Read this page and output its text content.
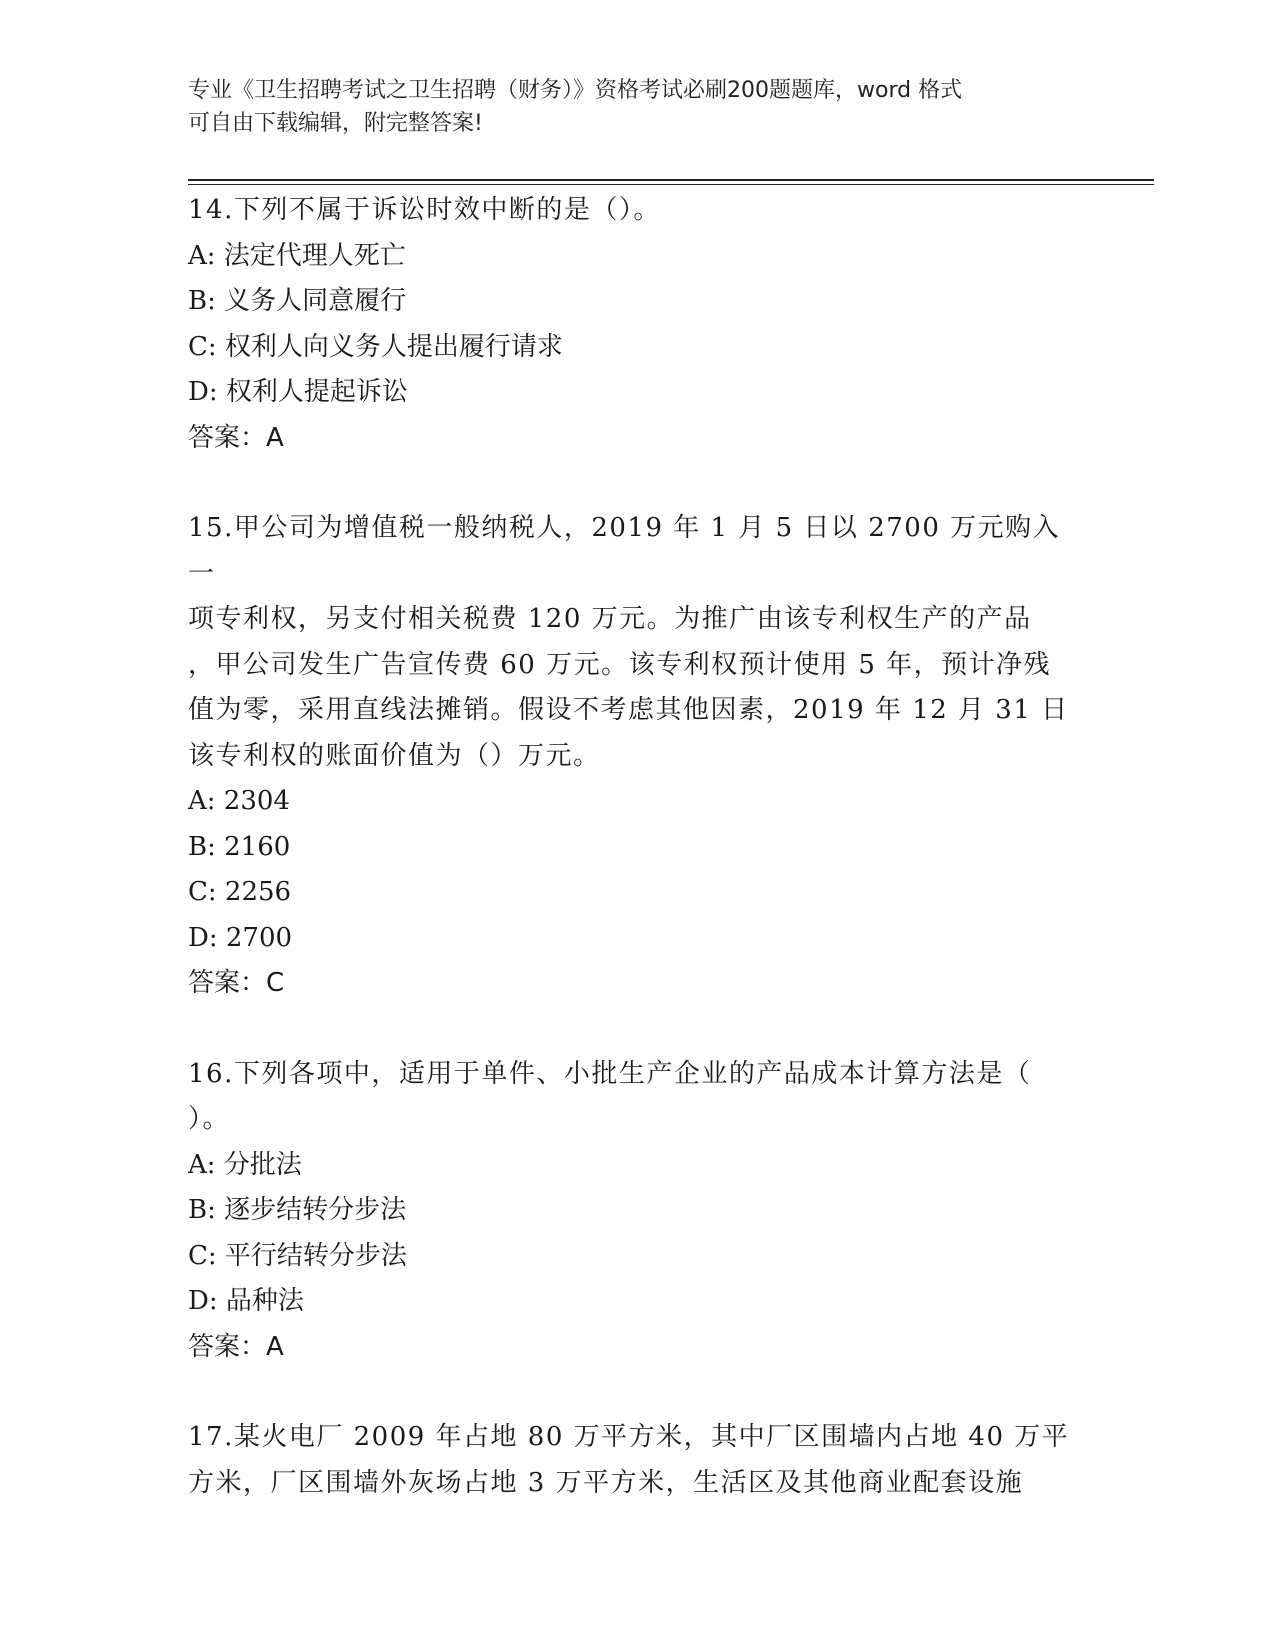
专业《卫生招聘考试之卫生招聘（财务）》资格考试必刷200题题库，word 格式
可自由下载编辑，附完整答案!

14.下列不属于诉讼时效中断的是（）。

A: 法定代理人死亡

B: 义务人同意履行

C: 权利人向义务人提出履行请求

D: 权利人提起诉讼

答案：A

15.甲公司为增值税一般纳税人，2019 年 1 月 5 日以 2700 万元购入一

项专利权，另支付相关税费 120 万元。为推广由该专利权生产的产品

，甲公司发生广告宣传费 60 万元。该专利权预计使用 5 年，预计净残

值为零，采用直线法摊销。假设不考虑其他因素，2019 年 12 月 31 日

该专利权的账面价值为（）万元。

A: 2304

B: 2160

C: 2256

D: 2700

答案：C

16.下列各项中，适用于单件、小批生产企业的产品成本计算方法是（

）。

A: 分批法

B: 逐步结转分步法

C: 平行结转分步法

D: 品种法

答案：A

17.某火电厂 2009 年占地 80 万平方米，其中厂区围墙内占地 40 万平

方米，厂区围墙外灰场占地 3 万平方米，生活区及其他商业配套设施
